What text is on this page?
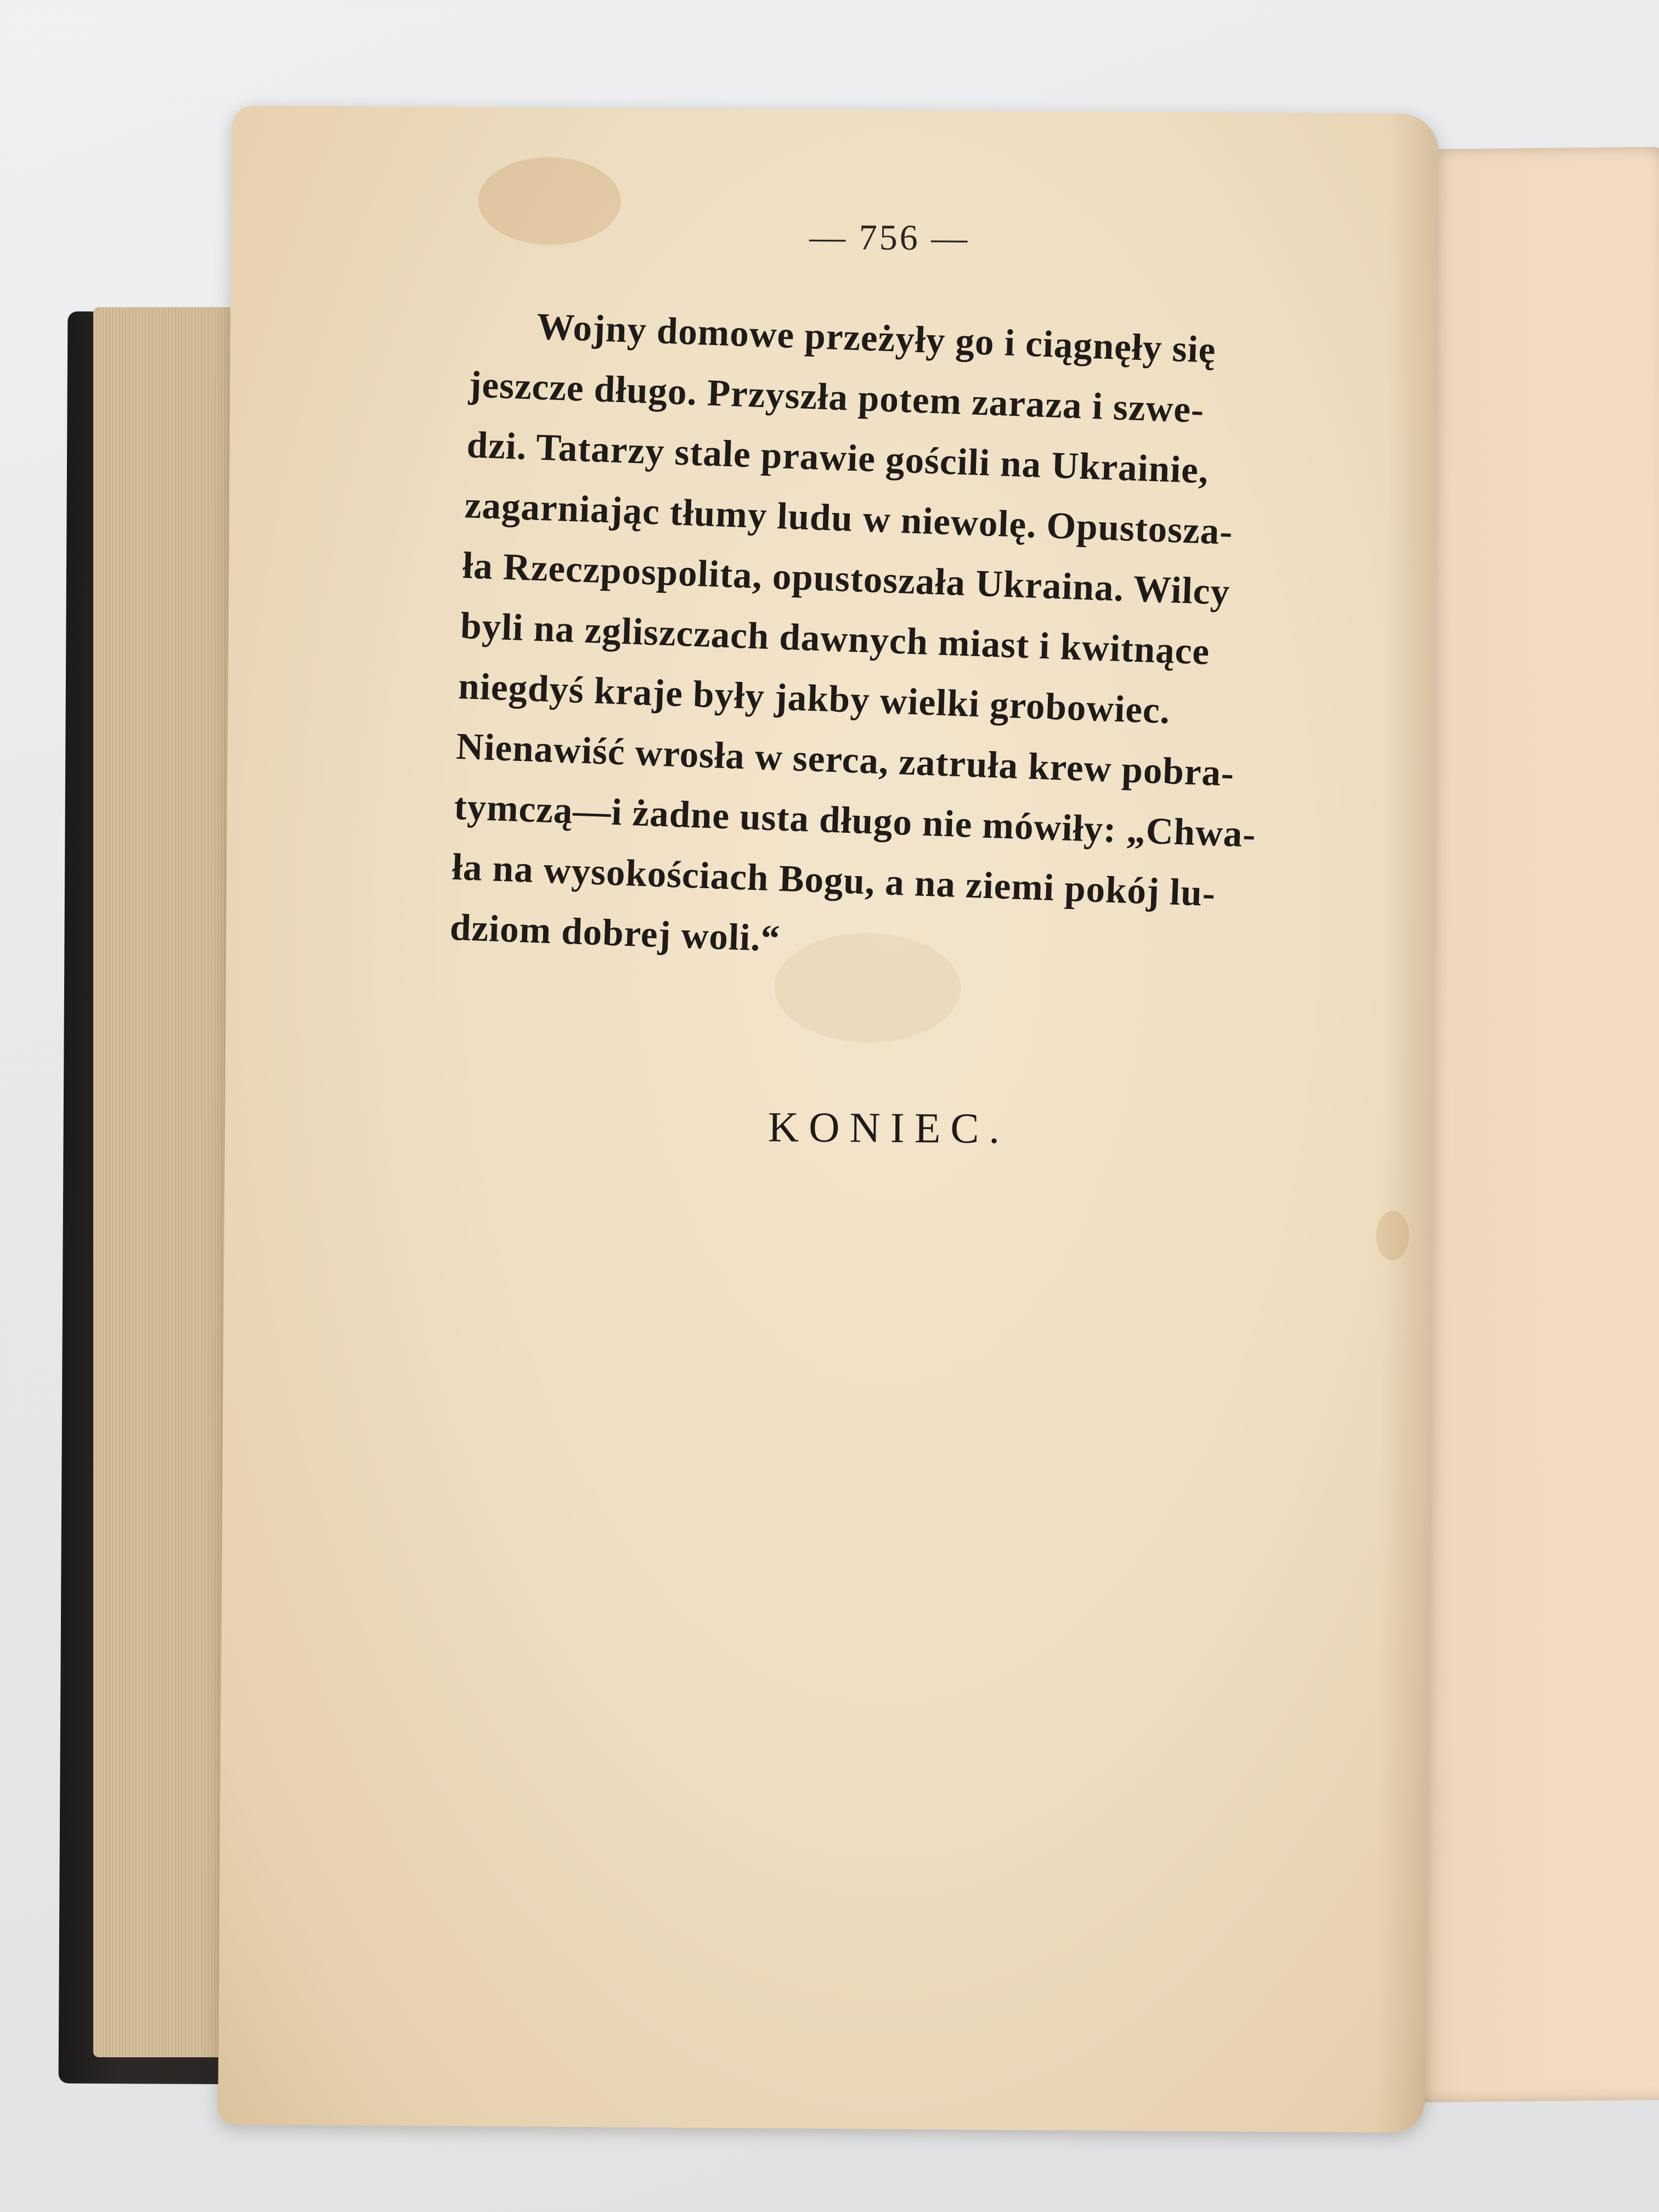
— 756 —
Wojny domowe przeżyły go i ciągnęły się
jeszcze długo. Przyszła potem zaraza i szwe-
dzi. Tatarzy stale prawie gościli na Ukrainie,
zagarniając tłumy ludu w niewolę. Opustosza-
ła Rzeczpospolita, opustoszała Ukraina. Wilcy
byli na zgliszczach dawnych miast i kwitnące
niegdyś kraje były jakby wielki grobowiec.
Nienawiść wrosła w serca, zatruła krew pobra-
tymczą—i żadne usta długo nie mówiły: „Chwa-
ła na wysokościach Bogu, a na ziemi pokój lu-
dziom dobrej woli.“
KONIEC.
